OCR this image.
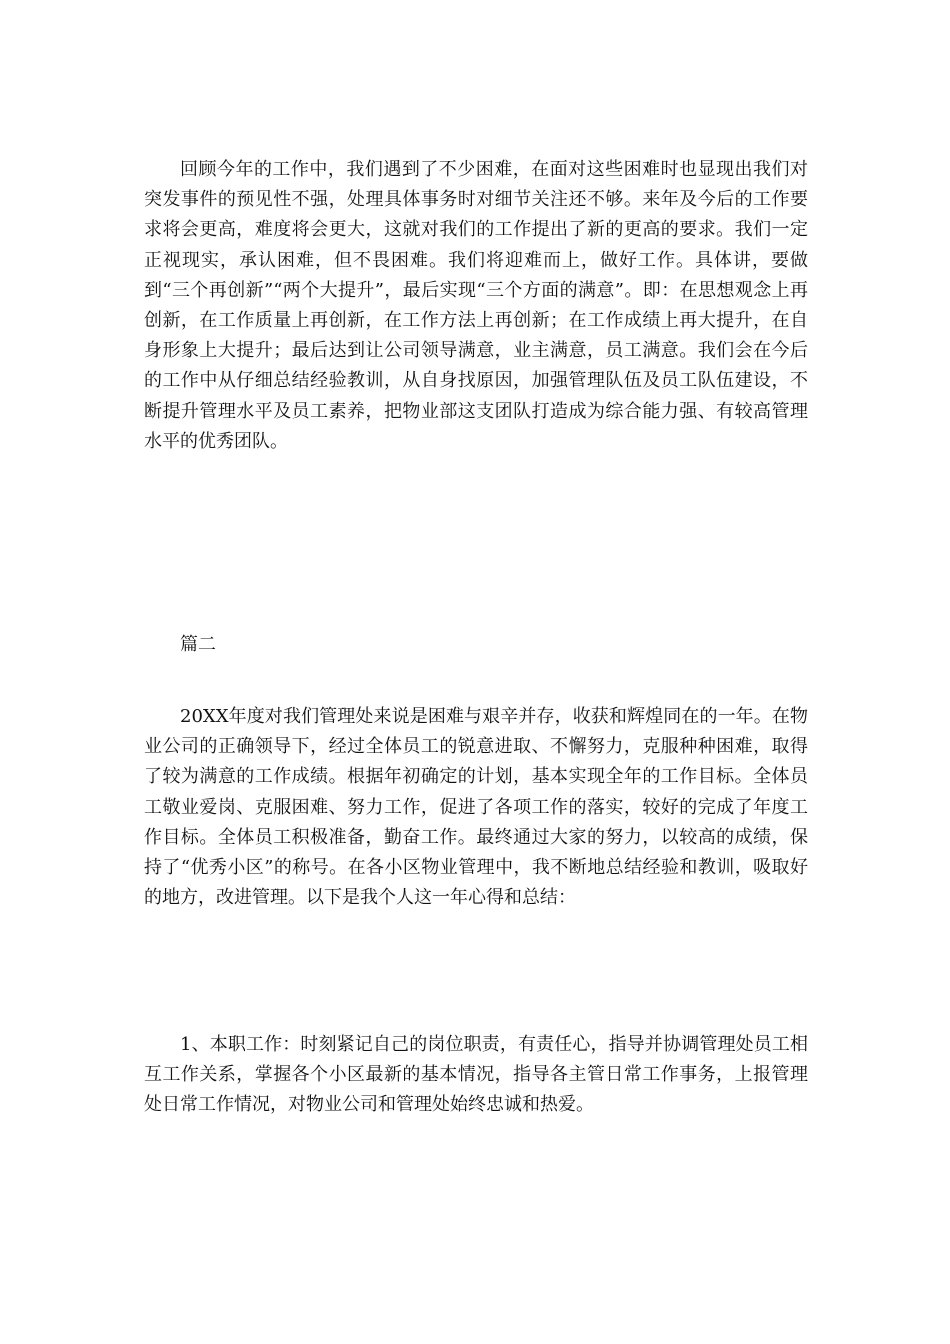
回顾今年的工作中，我们遇到了不少困难，在面对这些困难时也显现出我们对突发事件的预见性不强，处理具体事务时对细节关注还不够。来年及今后的工作要求将会更高，难度将会更大，这就对我们的工作提出了新的更高的要求。我们一定正视现实，承认困难，但不畏困难。我们将迎难而上，做好工作。具体讲，要做到“三个再创新”“两个大提升”，最后实现“三个方面的满意”。即：在思想观念上再创新，在工作质量上再创新，在工作方法上再创新；在工作成绩上再大提升，在自身形象上大提升；最后达到让公司领导满意，业主满意，员工满意。我们会在今后的工作中从仔细总结经验教训，从自身找原因，加强管理队伍及员工队伍建设，不断提升管理水平及员工素养，把物业部这支团队打造成为综合能力强、有较高管理水平的优秀团队。

篇二

20XX年度对我们管理处来说是困难与艰辛并存，收获和辉煌同在的一年。在物业公司的正确领导下，经过全体员工的锐意进取、不懈努力，克服种种困难，取得了较为满意的工作成绩。根据年初确定的计划，基本实现全年的工作目标。全体员工敬业爱岗、克服困难、努力工作，促进了各项工作的落实，较好的完成了年度工作目标。全体员工积极准备，勤奋工作。最终通过大家的努力，以较高的成绩，保持了“优秀小区”的称号。在各小区物业管理中，我不断地总结经验和教训，吸取好的地方，改进管理。以下是我个人这一年心得和总结：

1、本职工作：时刻紧记自己的岗位职责，有责任心，指导并协调管理处员工相互工作关系，掌握各个小区最新的基本情况，指导各主管日常工作事务，上报管理处日常工作情况，对物业公司和管理处始终忠诚和热爱。
